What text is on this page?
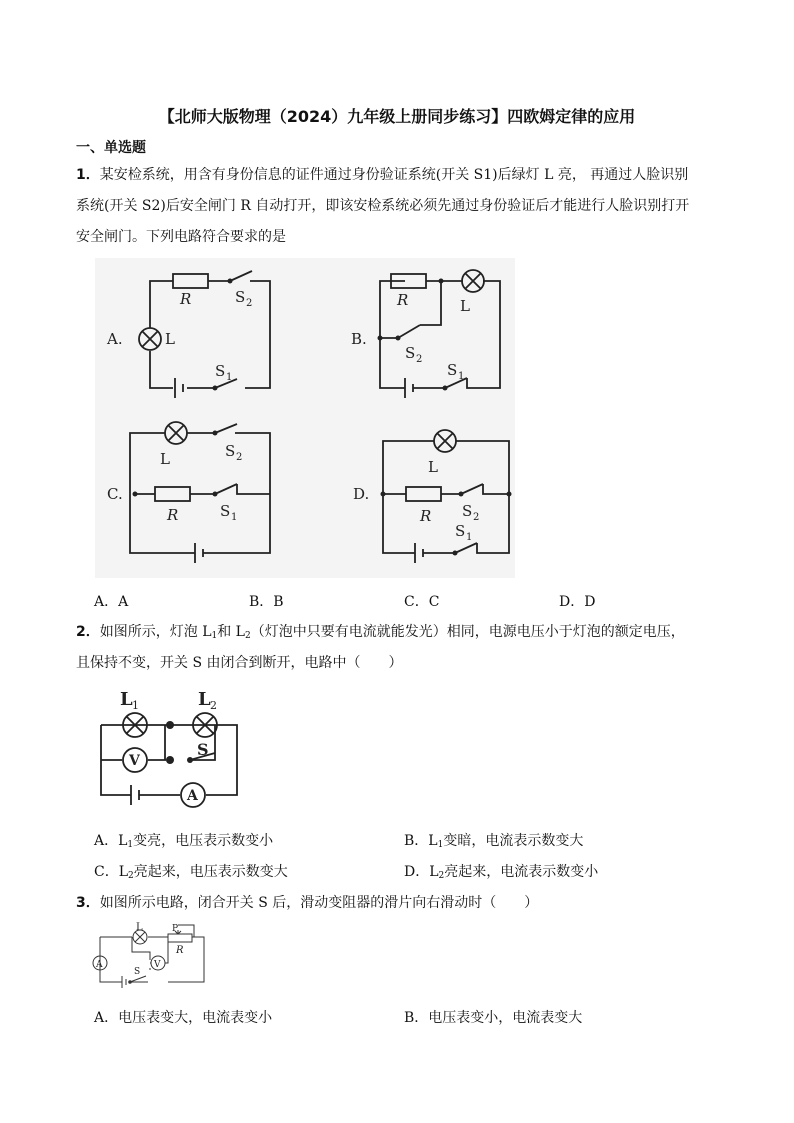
【北师大版物理（2024）九年级上册同步练习】四欧姆定律的应用
一、单选题
1．某安检系统，用含有身份信息的证件通过身份验证系统(开关 S1)后绿灯 L 亮， 再通过人脸识别
系统(开关 S2)后安全闸门 R 自动打开，即该安检系统必须先通过身份验证后才能进行人脸识别打开
安全闸门。下列电路符合要求的是
A.
R
L
S 2
S 1
B.
R	L
S 2
S 1
C.
L	S 2
R	S 1
D.
L
R S 2
S 1
A．A	B．B	C．C	D．D
2．如图所示，灯泡 $L_1$和 $L_2$（灯泡中只要有电流就能发光）相同，电源电压小于灯泡的额定电压，
且保持不变，开关 S 由闭合到断开，电路中（　　）
L 1	L 2
V
A
S
A．$L_1$变亮，电压表示数变小	B．$L_1$变暗，电流表示数变大
C．$L_2$亮起来，电压表示数变大	D．$L_2$亮起来，电流表示数变小
3．如图所示电路，闭合开关 S 后，滑动变阻器的滑片向右滑动时（　　）
L	P
R
A	V
S
A．电压表变大，电流表变小	B．电压表变小，电流表变大
